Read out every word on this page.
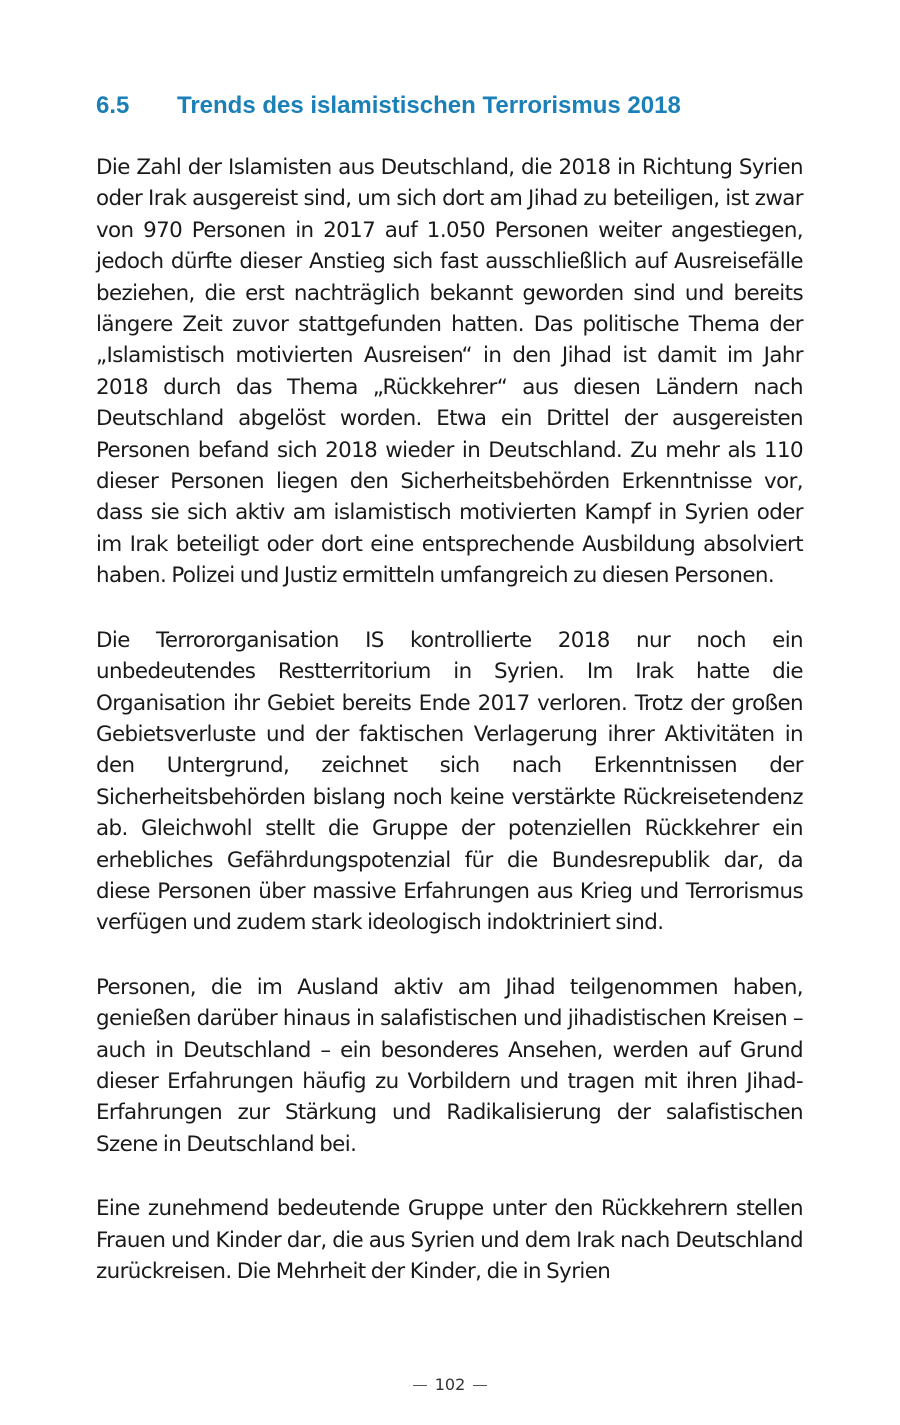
6.5 Trends des islamistischen Terrorismus 2018

Die Zahl der Islamisten aus Deutschland, die 2018 in Richtung Syrien oder Irak ausgereist sind, um sich dort am Jihad zu beteiligen, ist zwar von 970 Personen in 2017 auf 1.050 Personen weiter angestiegen, jedoch dürfte dieser Anstieg sich fast ausschließlich auf Ausreisefälle beziehen, die erst nachträglich bekannt geworden sind und bereits längere Zeit zuvor stattgefunden hatten. Das politische Thema der „Islamistisch motivierten Ausreisen“ in den Jihad ist damit im Jahr 2018 durch das Thema „Rückkehrer“ aus diesen Ländern nach Deutschland abgelöst worden. Etwa ein Drittel der ausgereisten Personen befand sich 2018 wieder in Deutschland. Zu mehr als 110 dieser Personen liegen den Sicherheitsbehörden Erkenntnisse vor, dass sie sich aktiv am islamistisch motivierten Kampf in Syrien oder im Irak beteiligt oder dort eine entsprechende Ausbildung absolviert haben. Polizei und Justiz ermitteln umfangreich zu diesen Personen.

Die Terrororganisation IS kontrollierte 2018 nur noch ein unbedeutendes Restterritorium in Syrien. Im Irak hatte die Organisation ihr Gebiet bereits Ende 2017 verloren. Trotz der großen Gebietsverluste und der faktischen Verlagerung ihrer Aktivitäten in den Untergrund, zeichnet sich nach Erkenntnissen der Sicherheitsbehörden bislang noch keine verstärkte Rückreisetendenz ab. Gleichwohl stellt die Gruppe der potenziellen Rückkehrer ein erhebliches Gefährdungspotenzial für die Bundesrepublik dar, da diese Personen über massive Erfahrungen aus Krieg und Terrorismus verfügen und zudem stark ideologisch indoktriniert sind.

Personen, die im Ausland aktiv am Jihad teilgenommen haben, genießen darüber hinaus in salafistischen und jihadistischen Kreisen – auch in Deutschland – ein besonderes Ansehen, werden auf Grund dieser Erfahrungen häufig zu Vorbildern und tragen mit ihren Jihad-Erfahrungen zur Stärkung und Radikalisierung der salafistischen Szene in Deutschland bei.

Eine zunehmend bedeutende Gruppe unter den Rückkehrern stellen Frauen und Kinder dar, die aus Syrien und dem Irak nach Deutschland zurückreisen. Die Mehrheit der Kinder, die in Syrien

102
